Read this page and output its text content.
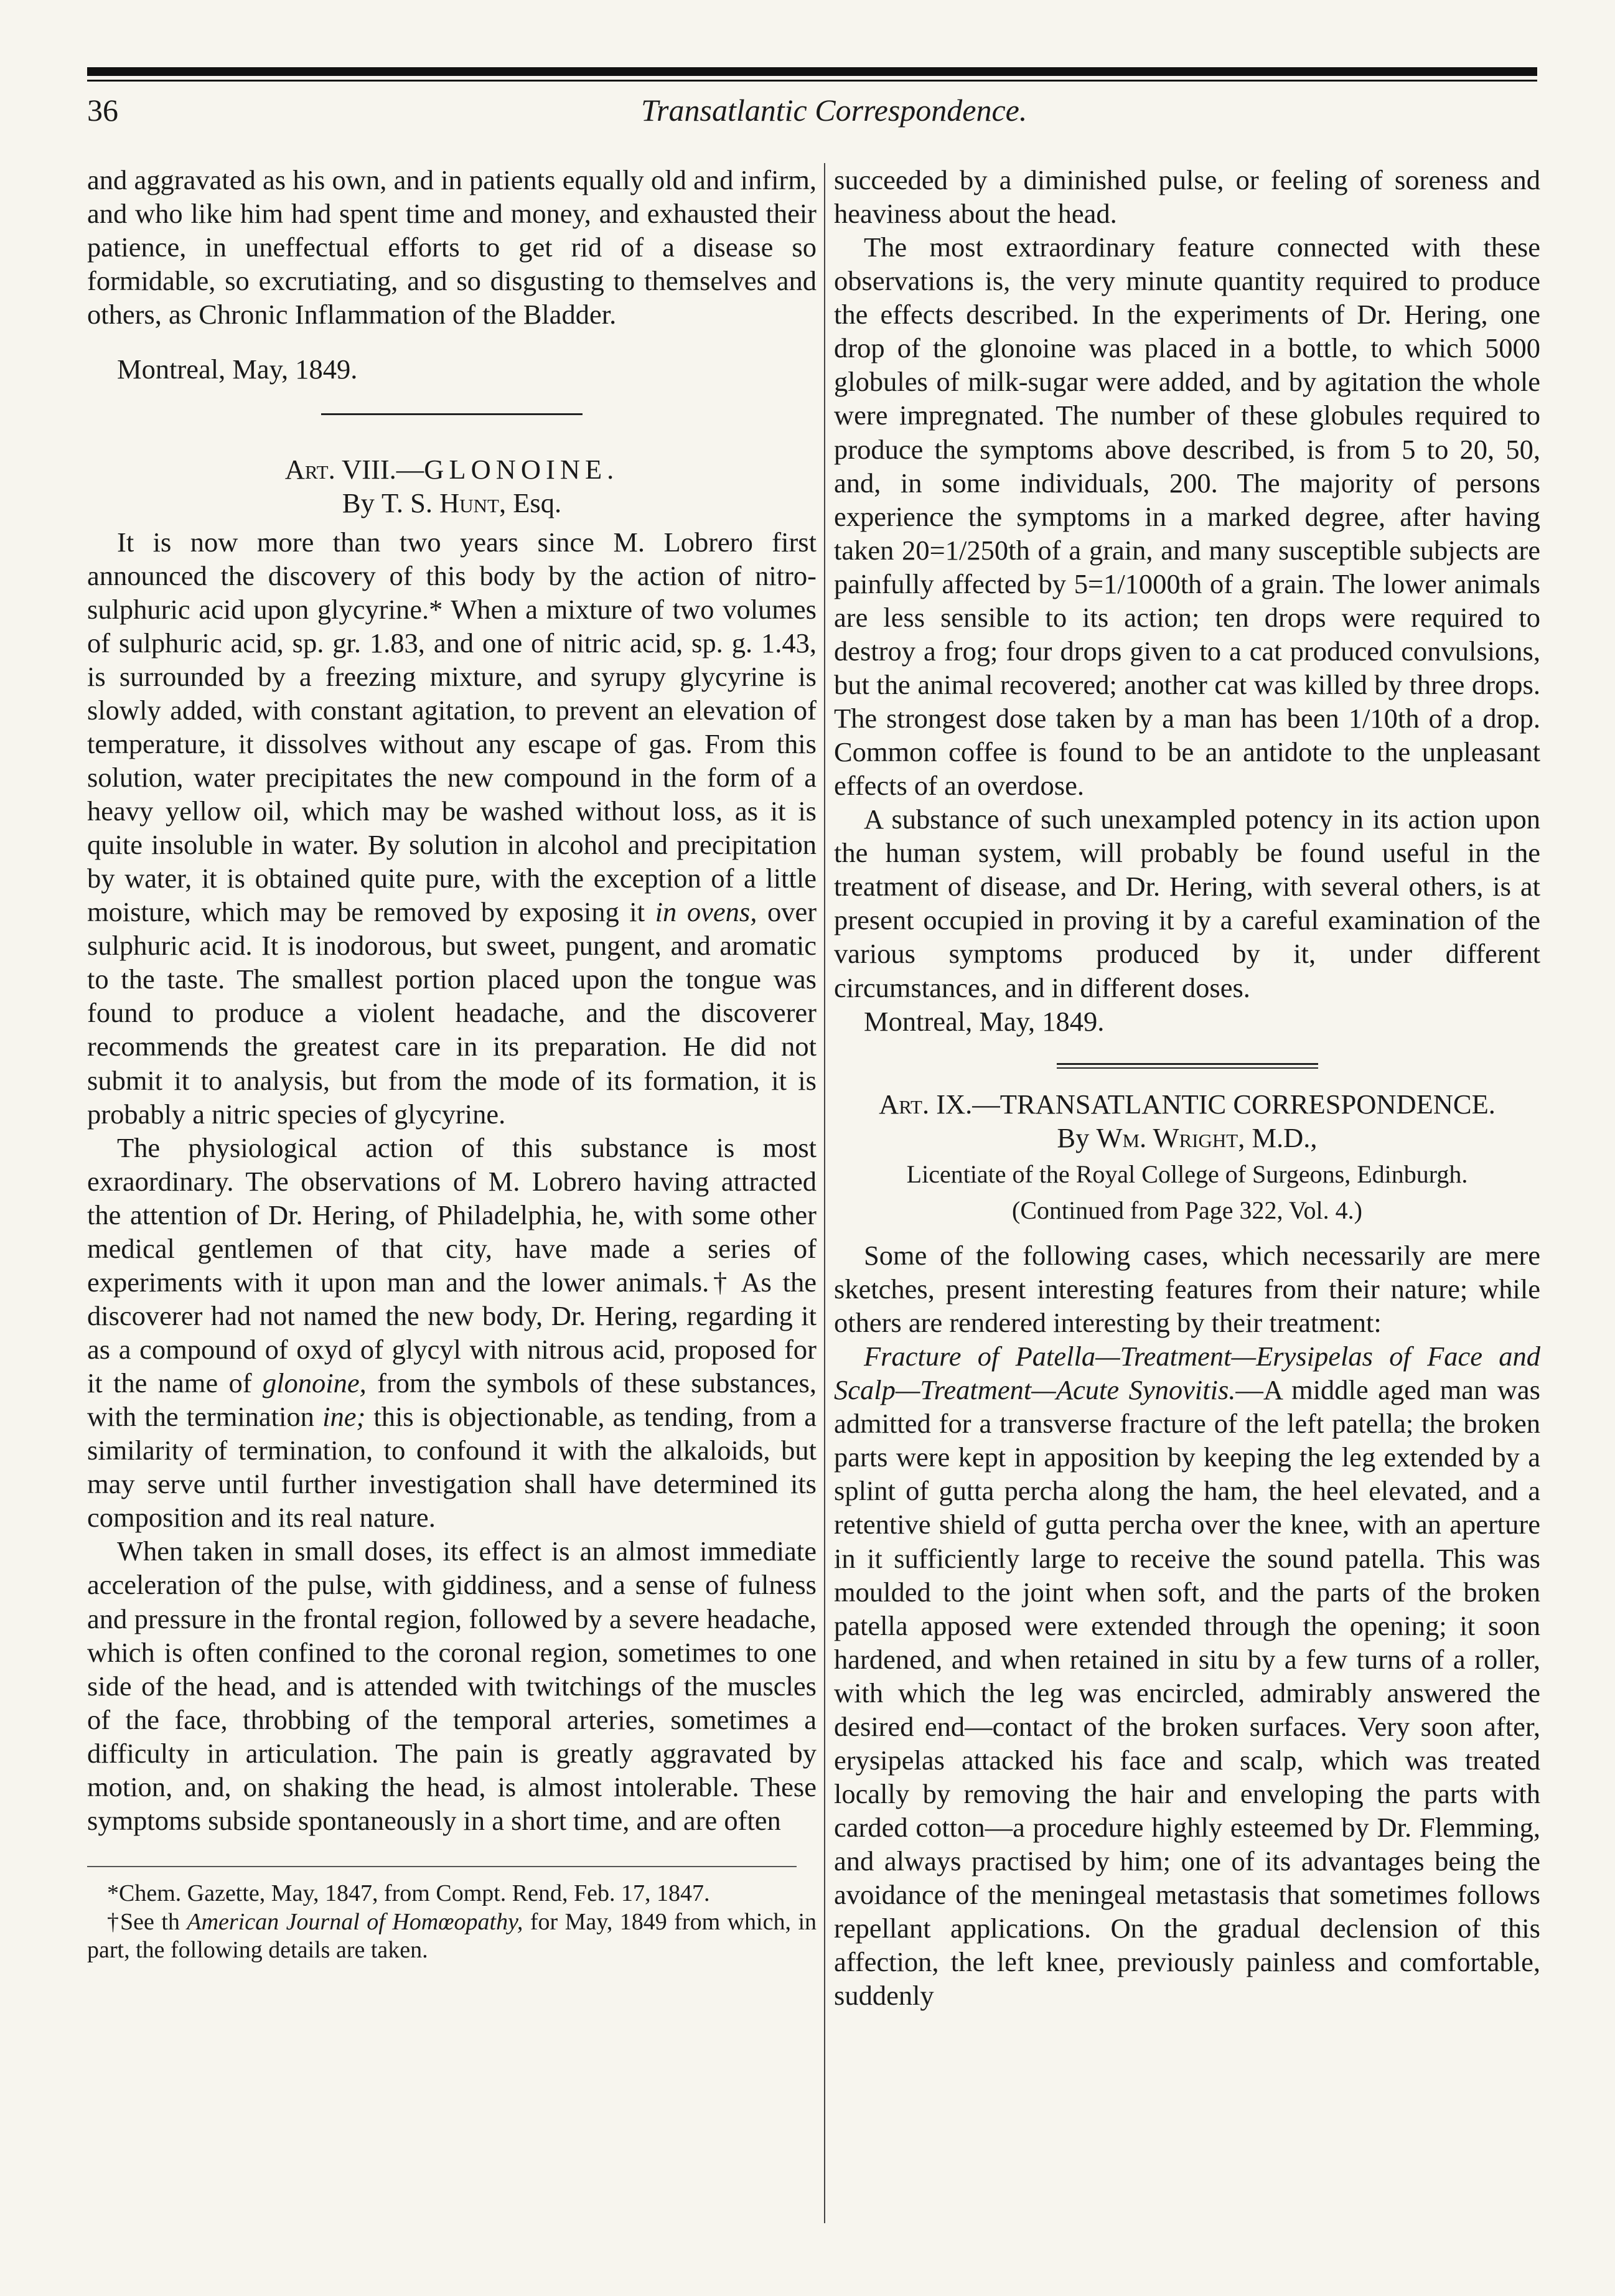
36	Transatlantic Correspondence.

and aggravated as his own, and in patients equally old and infirm, and who like him had spent time and money, and exhausted their patience, in uneffectual efforts to get rid of a disease so formidable, so excrutiating, and so disgusting to themselves and others, as Chronic Inflammation of the Bladder.

Montreal, May, 1849.

Art. VIII.—GLONOINE.

By T. S. Hunt, Esq.

It is now more than two years since M. Lobrero first announced the discovery of this body by the action of nitro-sulphuric acid upon glycyrine.* When a mixture of two volumes of sulphuric acid, sp. gr. 1.83, and one of nitric acid, sp. g. 1.43, is surrounded by a freezing mixture, and syrupy glycyrine is slowly added, with constant agitation, to prevent an elevation of temperature, it dissolves without any escape of gas. From this solution, water precipitates the new compound in the form of a heavy yellow oil, which may be washed without loss, as it is quite insoluble in water. By solution in alcohol and precipitation by water, it is obtained quite pure, with the exception of a little moisture, which may be removed by exposing it in ovens, over sulphuric acid. It is inodorous, but sweet, pungent, and aromatic to the taste. The smallest portion placed upon the tongue was found to produce a violent headache, and the discoverer recommends the greatest care in its preparation. He did not submit it to analysis, but from the mode of its formation, it is probably a nitric species of glycyrine.

The physiological action of this substance is most exraordinary. The observations of M. Lobrero having attracted the attention of Dr. Hering, of Philadelphia, he, with some other medical gentlemen of that city, have made a series of experiments with it upon man and the lower animals.† As the discoverer had not named the new body, Dr. Hering, regarding it as a compound of oxyd of glycyl with nitrous acid, proposed for it the name of glonoine, from the symbols of these substances, with the termination ine; this is objectionable, as tending, from a similarity of termination, to confound it with the alkaloids, but may serve until further investigation shall have determined its composition and its real nature.

When taken in small doses, its effect is an almost immediate acceleration of the pulse, with giddiness, and a sense of fulness and pressure in the frontal region, followed by a severe headache, which is often confined to the coronal region, sometimes to one side of the head, and is attended with twitchings of the muscles of the face, throbbing of the temporal arteries, sometimes a difficulty in articulation. The pain is greatly aggravated by motion, and, on shaking the head, is almost intolerable. These symptoms subside spontaneously in a short time, and are often

*Chem. Gazette, May, 1847, from Compt. Rend, Feb. 17, 1847.

†See th American Journal of Homœopathy, for May, 1849 from which, in part, the following details are taken.

succeeded by a diminished pulse, or feeling of soreness and heaviness about the head.

The most extraordinary feature connected with these observations is, the very minute quantity required to produce the effects described. In the experiments of Dr. Hering, one drop of the glonoine was placed in a bottle, to which 5000 globules of milk-sugar were added, and by agitation the whole were impregnated. The number of these globules required to produce the symptoms above described, is from 5 to 20, 50, and, in some individuals, 200. The majority of persons experience the symptoms in a marked degree, after having taken 20=1/250th of a grain, and many susceptible subjects are painfully affected by 5=1/1000th of a grain. The lower animals are less sensible to its action; ten drops were required to destroy a frog; four drops given to a cat produced convulsions, but the animal recovered; another cat was killed by three drops. The strongest dose taken by a man has been 1/10th of a drop. Common coffee is found to be an antidote to the unpleasant effects of an overdose.

A substance of such unexampled potency in its action upon the human system, will probably be found useful in the treatment of disease, and Dr. Hering, with several others, is at present occupied in proving it by a careful examination of the various symptoms produced by it, under different circumstances, and in different doses.

Montreal, May, 1849.

Art. IX.—TRANSATLANTIC CORRESPONDENCE.

By Wm. Wright, M.D.,

Licentiate of the Royal College of Surgeons, Edinburgh.

(Continued from Page 322, Vol. 4.)

Some of the following cases, which necessarily are mere sketches, present interesting features from their nature; while others are rendered interesting by their treatment:

Fracture of Patella—Treatment—Erysipelas of Face and Scalp—Treatment—Acute Synovitis.—A middle aged man was admitted for a transverse fracture of the left patella; the broken parts were kept in apposition by keeping the leg extended by a splint of gutta percha along the ham, the heel elevated, and a retentive shield of gutta percha over the knee, with an aperture in it sufficiently large to receive the sound patella. This was moulded to the joint when soft, and the parts of the broken patella apposed were extended through the opening; it soon hardened, and when retained in situ by a few turns of a roller, with which the leg was encircled, admirably answered the desired end—contact of the broken surfaces. Very soon after, erysipelas attacked his face and scalp, which was treated locally by removing the hair and enveloping the parts with carded cotton—a procedure highly esteemed by Dr. Flemming, and always practised by him; one of its advantages being the avoidance of the meningeal metastasis that sometimes follows repellant applications. On the gradual declension of this affection, the left knee, previously painless and comfortable, suddenly
